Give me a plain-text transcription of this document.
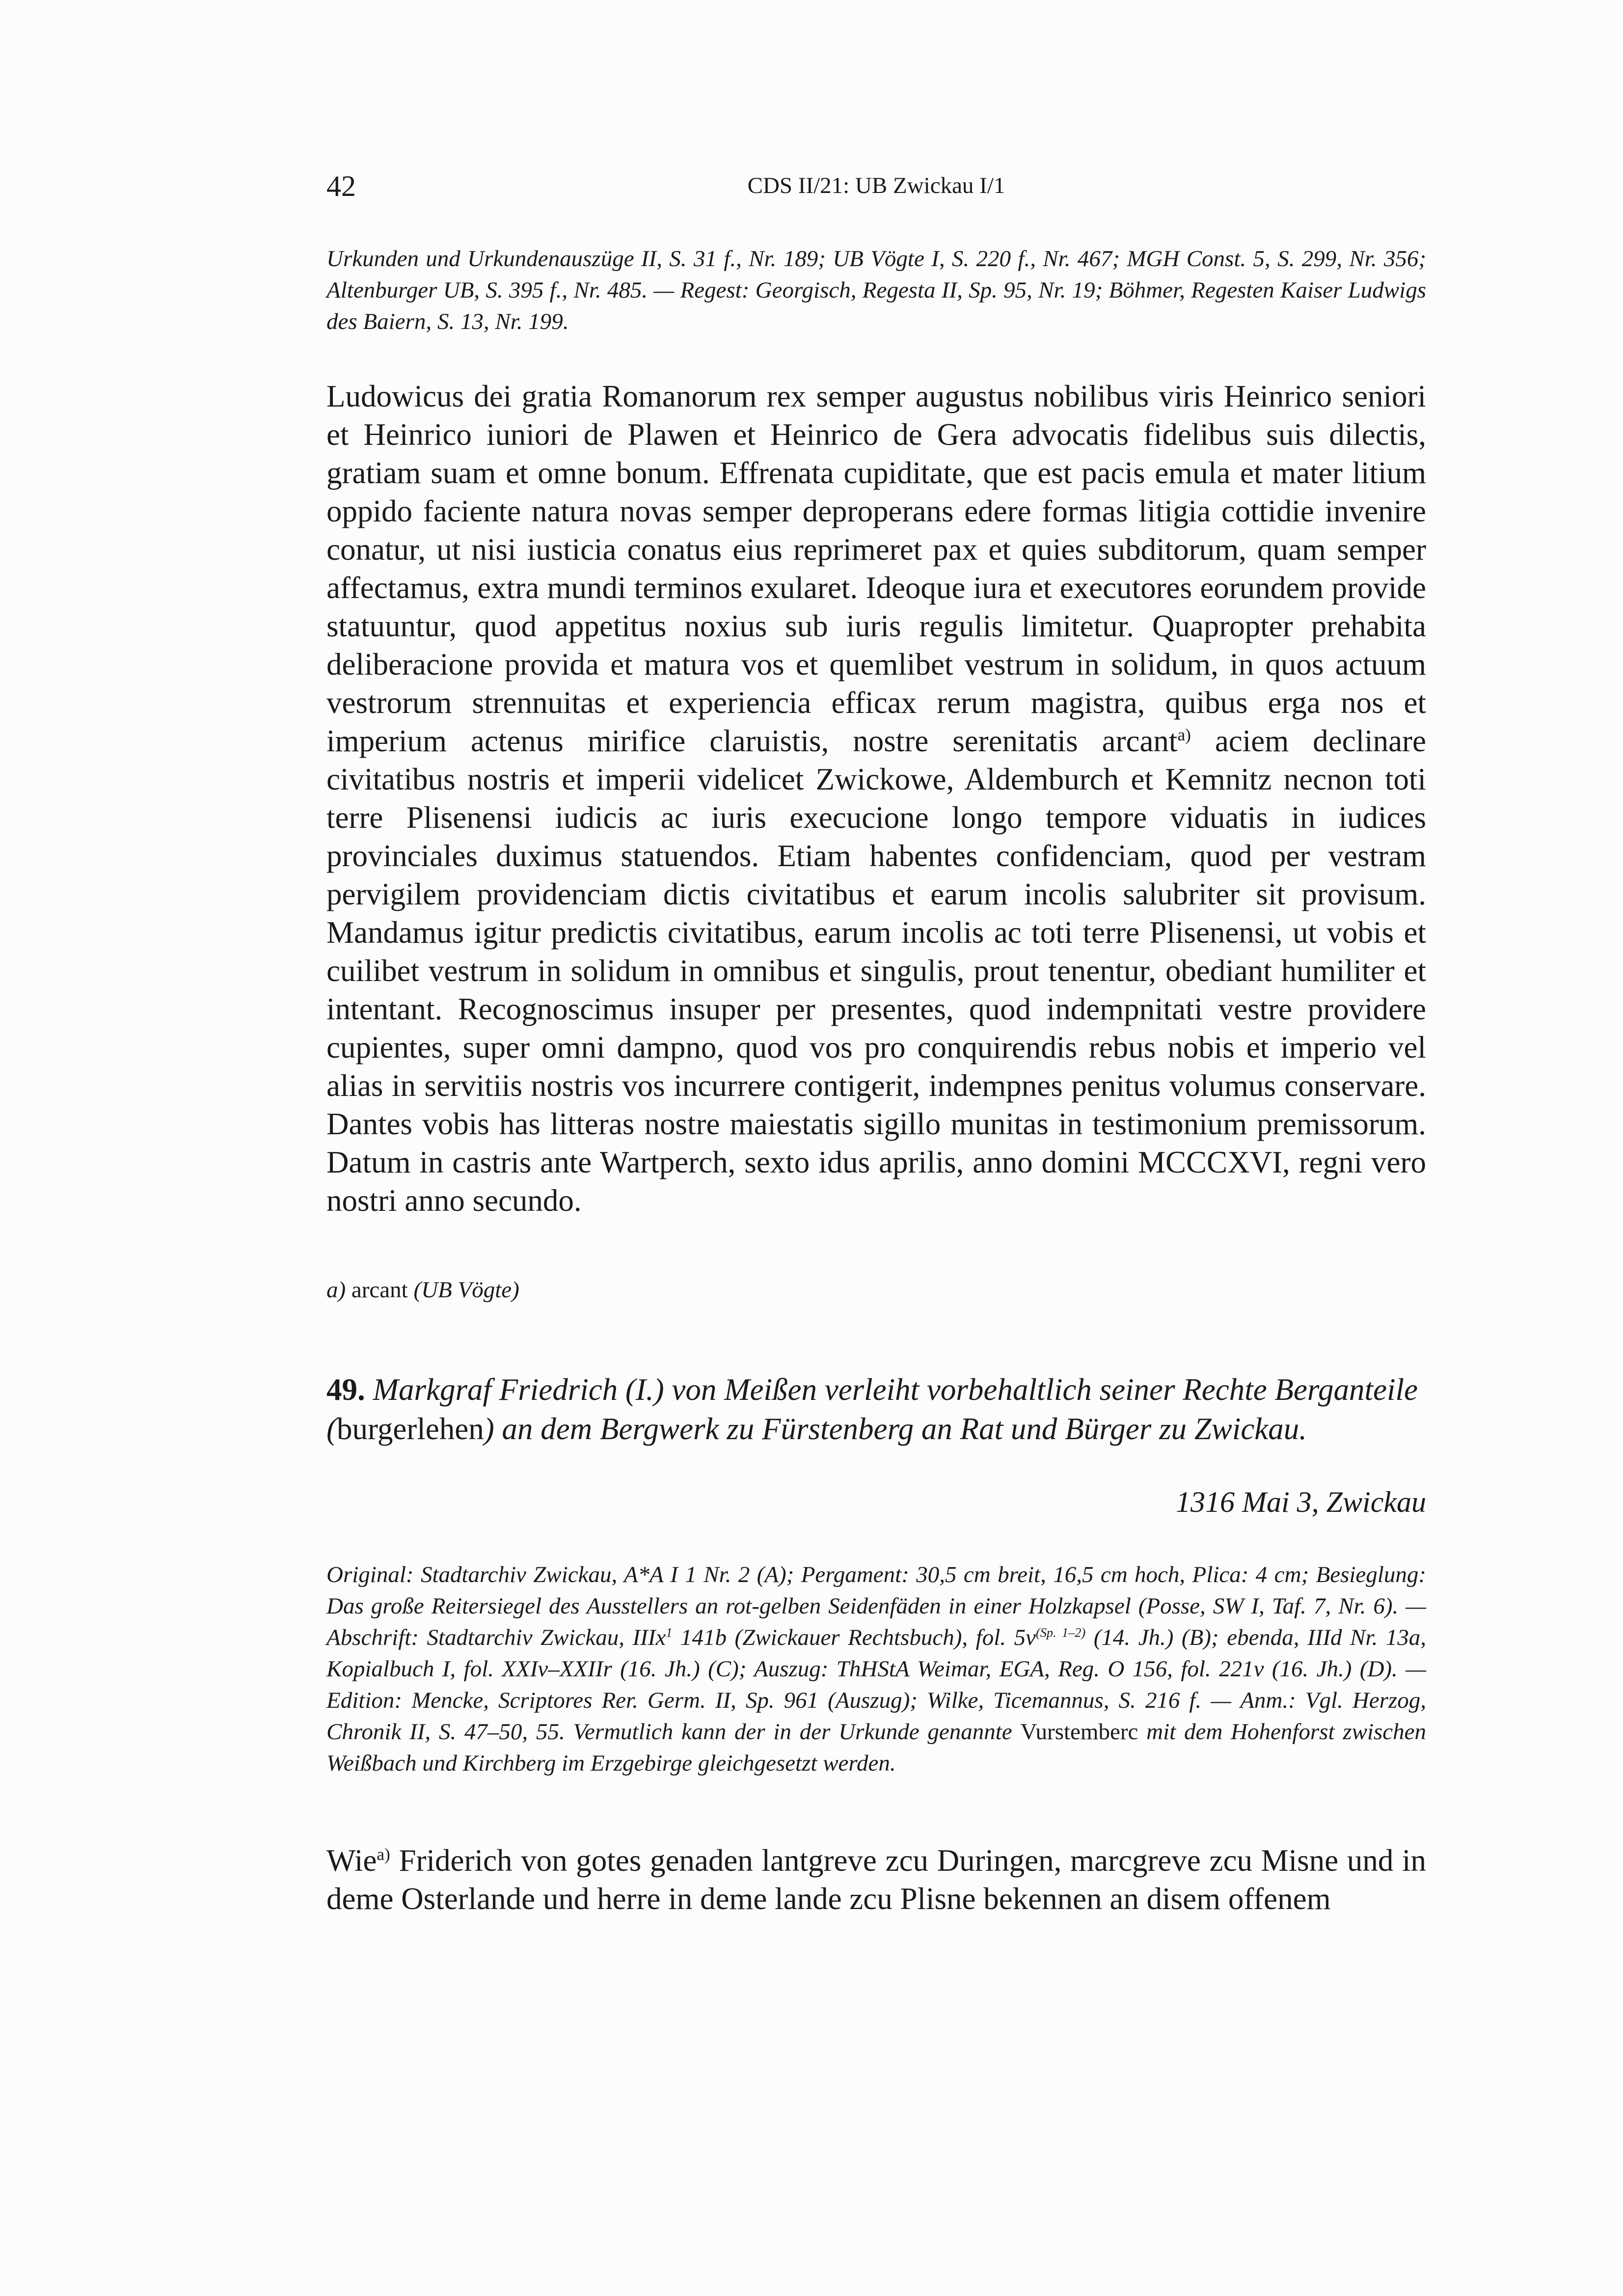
42	CDS II/21: UB Zwickau I/1

Urkunden und Urkundenauszüge II, S. 31 f., Nr. 189; UB Vögte I, S. 220 f., Nr. 467; MGH Const. 5, S. 299, Nr. 356; Altenburger UB, S. 395 f., Nr. 485. — Regest: Georgisch, Regesta II, Sp. 95, Nr. 19; Böhmer, Regesten Kaiser Ludwigs des Baiern, S. 13, Nr. 199.

Ludowicus dei gratia Romanorum rex semper augustus nobilibus viris Heinrico seniori et Heinrico iuniori de Plawen et Heinrico de Gera advocatis fidelibus suis dilectis, gratiam suam et omne bonum. Effrenata cupiditate, que est pacis emula et mater litium oppido faciente natura novas semper deproperans edere formas litigia cottidie invenire conatur, ut nisi iusticia conatus eius reprimeret pax et quies subditorum, quam semper affectamus, extra mundi terminos exularet. Ideoque iura et executores eorundem provide statuuntur, quod appetitus noxius sub iuris regulis limitetur. Quapropter prehabita deliberacione provida et matura vos et quemlibet vestrum in solidum, in quos actuum vestrorum strennuitas et experiencia efficax rerum magistra, quibus erga nos et imperium actenus mirifice claruistis, nostre serenitatis arcant$^{a)}$ aciem declinare civitatibus nostris et imperii videlicet Zwickowe, Aldemburch et Kemnitz necnon toti terre Plisenensi iudicis ac iuris execucione longo tempore viduatis in iudices provinciales duximus statuendos. Etiam habentes confidenciam, quod per vestram pervigilem providenciam dictis civitatibus et earum incolis salubriter sit provisum. Mandamus igitur predictis civitatibus, earum incolis ac toti terre Plisenensi, ut vobis et cuilibet vestrum in solidum in omnibus et singulis, prout tenentur, obediant humiliter et intentant. Recognoscimus insuper per presentes, quod indempnitati vestre providere cupientes, super omni dampno, quod vos pro conquirendis rebus nobis et imperio vel alias in servitiis nostris vos incurrere contigerit, indempnes penitus volumus conservare. Dantes vobis has litteras nostre maiestatis sigillo munitas in testimonium premissorum. Datum in castris ante Wartperch, sexto idus aprilis, anno domini MCCCXVI, regni vero nostri anno secundo.

a) arcant (UB Vögte)

49. Markgraf Friedrich (I.) von Meißen verleiht vorbehaltlich seiner Rechte Berganteile (burgerlehen) an dem Bergwerk zu Fürstenberg an Rat und Bürger zu Zwickau.

1316 Mai 3, Zwickau

Original: Stadtarchiv Zwickau, A*A I 1 Nr. 2 (A); Pergament: 30,5 cm breit, 16,5 cm hoch, Plica: 4 cm; Besieglung: Das große Reitersiegel des Ausstellers an rot-gelben Seidenfäden in einer Holzkapsel (Posse, SW I, Taf. 7, Nr. 6). — Abschrift: Stadtarchiv Zwickau, IIIx$^1$ 141b (Zwickauer Rechtsbuch), fol. $5v^{(Sp. 1-2)}$ (14. Jh.) (B); ebenda, IIId Nr. 13a, Kopialbuch I, fol. XXIv–XXIIr (16. Jh.) (C); Auszug: ThHStA Weimar, EGA, Reg. O 156, fol. 221v (16. Jh.) (D). — Edition: Mencke, Scriptores Rer. Germ. II, Sp. 961 (Auszug); Wilke, Ticemannus, S. 216 f. — Anm.: Vgl. Herzog, Chronik II, S. 47–50, 55. Vermutlich kann der in der Urkunde genannte Vurstemberc mit dem Hohenforst zwischen Weißbach und Kirchberg im Erzgebirge gleichgesetzt werden.

Wie$^{a)}$ Friderich von gotes genaden lantgreve zcu Duringen, marcgreve zcu Misne und in deme Osterlande und herre in deme lande zcu Plisne bekennen an disem offenem
